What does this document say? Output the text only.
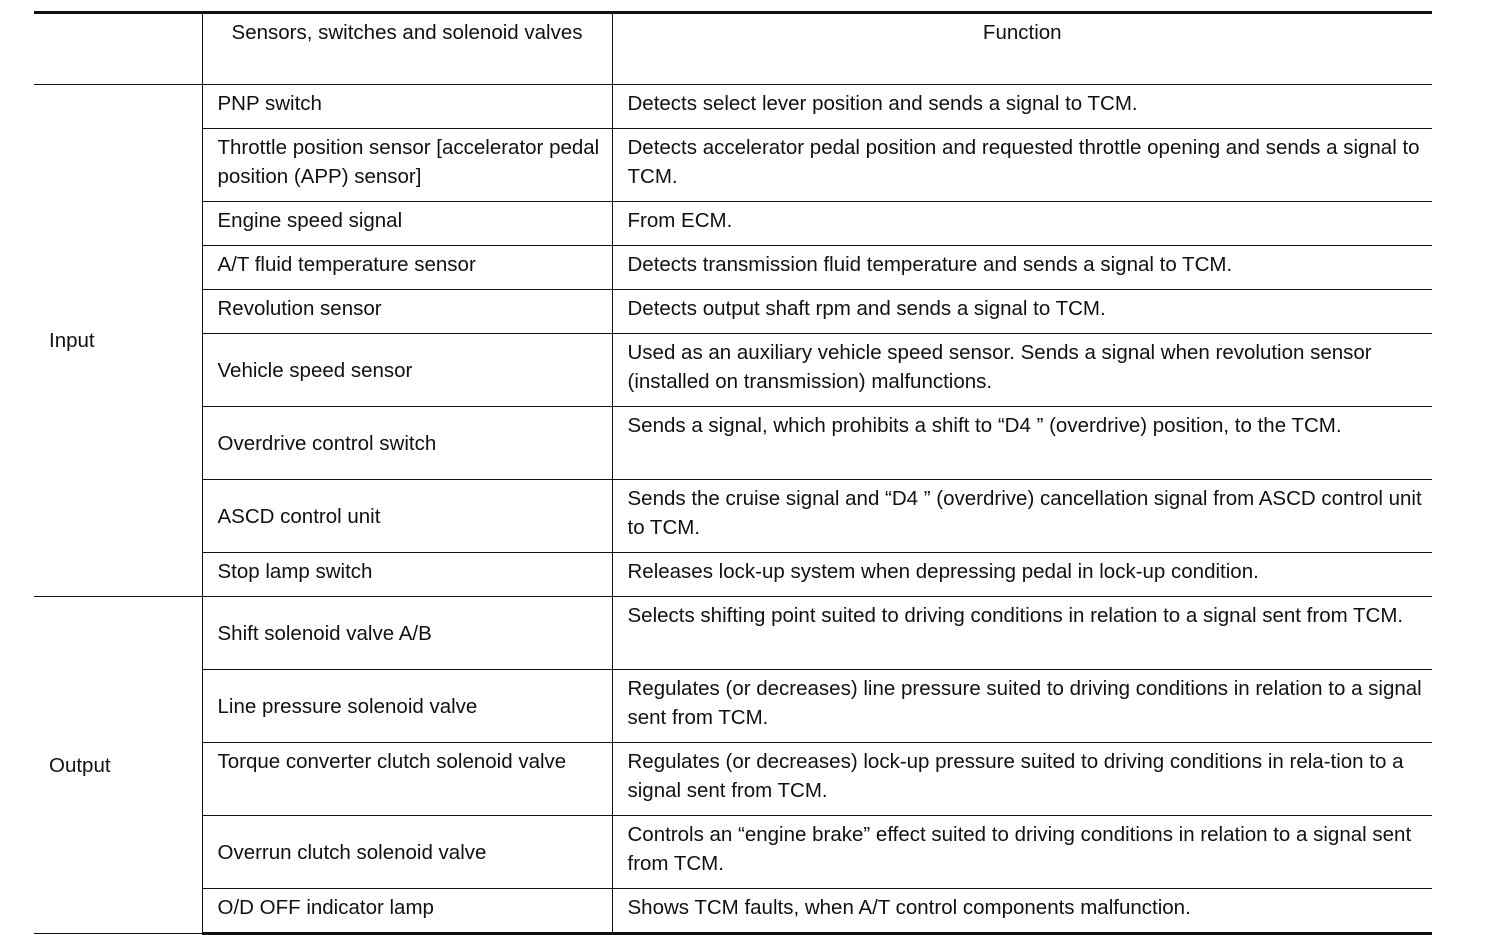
	Sensors, switches and solenoid valves	Function
Input	PNP switch	Detects select lever position and sends a signal to TCM.
	Throttle position sensor [accelerator pedal position (APP) sensor]	Detects accelerator pedal position and requested throttle opening and sends a signal to TCM.
	Engine speed signal	From ECM.
	A/T fluid temperature sensor	Detects transmission fluid temperature and sends a signal to TCM.
	Revolution sensor	Detects output shaft rpm and sends a signal to TCM.
	Vehicle speed sensor	Used as an auxiliary vehicle speed sensor. Sends a signal when revolution sensor (installed on transmission) malfunctions.
	Overdrive control switch	Sends a signal, which prohibits a shift to “D4 ” (overdrive) position, to the TCM.
	ASCD control unit	Sends the cruise signal and “D4 ” (overdrive) cancellation signal from ASCD control unit to TCM.
	Stop lamp switch	Releases lock-up system when depressing pedal in lock-up condition.
Output	Shift solenoid valve A/B	Selects shifting point suited to driving conditions in relation to a signal sent from TCM.
	Line pressure solenoid valve	Regulates (or decreases) line pressure suited to driving conditions in relation to a signal sent from TCM.
	Torque converter clutch solenoid valve	Regulates (or decreases) lock-up pressure suited to driving conditions in rela-tion to a signal sent from TCM.
	Overrun clutch solenoid valve	Controls an “engine brake” effect suited to driving conditions in relation to a signal sent from TCM.
	O/D OFF indicator lamp	Shows TCM faults, when A/T control components malfunction.
